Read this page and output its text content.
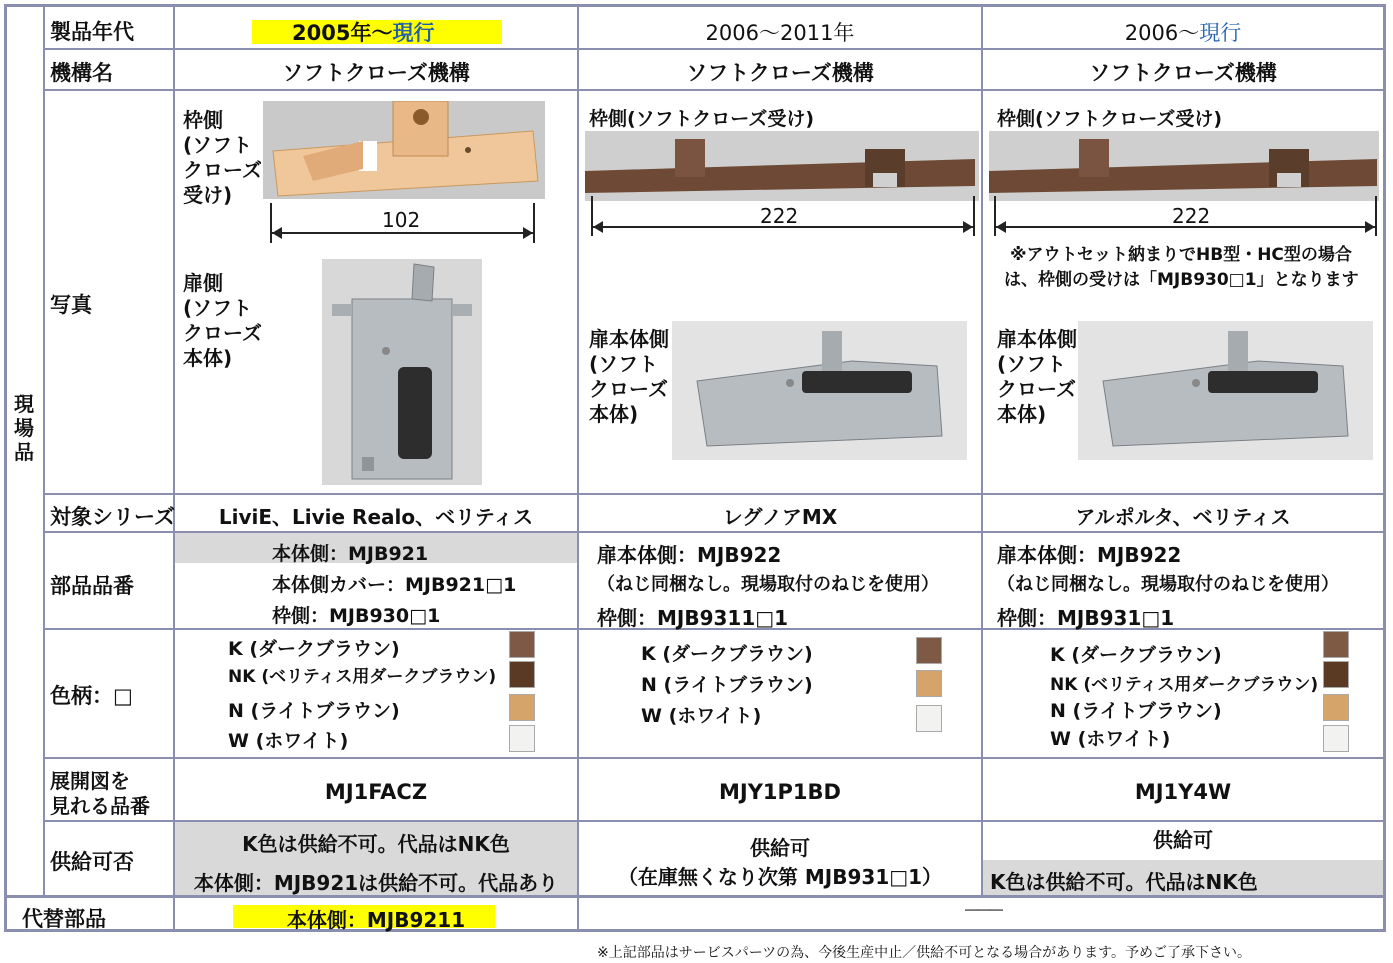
現場品
製品年代
機構名
写真
対象シリーズ
部品品番
色柄：□
展開図を
見れる品番
供給可否
代替部品
2005年～現行
ソフトクローズ機構
枠側
(ソフト
クローズ
受け)
102
扉側
(ソフト
クローズ
本体)
LiviE、Livie Realo、ベリティス
本体側：MJB921
本体側カバー：MJB921□1
枠側：MJB930□1
K (ダークブラウン)
NK (ベリティス用ダークブラウン)
N (ライトブラウン)
W (ホワイト)
MJ1FACZ
K色は供給不可。代品はNK色
本体側：MJB921は供給不可。代品あり
本体側：MJB9211
2006～2011年
ソフトクローズ機構
枠側(ソフトクローズ受け)
222
扉本体側
(ソフト
クローズ
本体)
レグノアMX
扉本体側：MJB922
（ねじ同梱なし。現場取付のねじを使用）
枠側：MJB9311□1
K (ダークブラウン)
N (ライトブラウン)
W (ホワイト)
MJY1P1BD
供給可
（在庫無くなり次第 MJB931□1）
―――
2006～現行
ソフトクローズ機構
枠側(ソフトクローズ受け)
222
※アウトセット納まりでHB型・HC型の場合
は、枠側の受けは「MJB930□1」となります
扉本体側
(ソフト
クローズ
本体)
アルポルタ、ベリティス
扉本体側：MJB922
（ねじ同梱なし。現場取付のねじを使用）
枠側：MJB931□1
K (ダークブラウン)
NK (ベリティス用ダークブラウン)
N (ライトブラウン)
W (ホワイト)
MJ1Y4W
供給可
K色は供給不可。代品はNK色
※上記部品はサービスパーツの為、今後生産中止／供給不可となる場合があります。予めご了承下さい。
